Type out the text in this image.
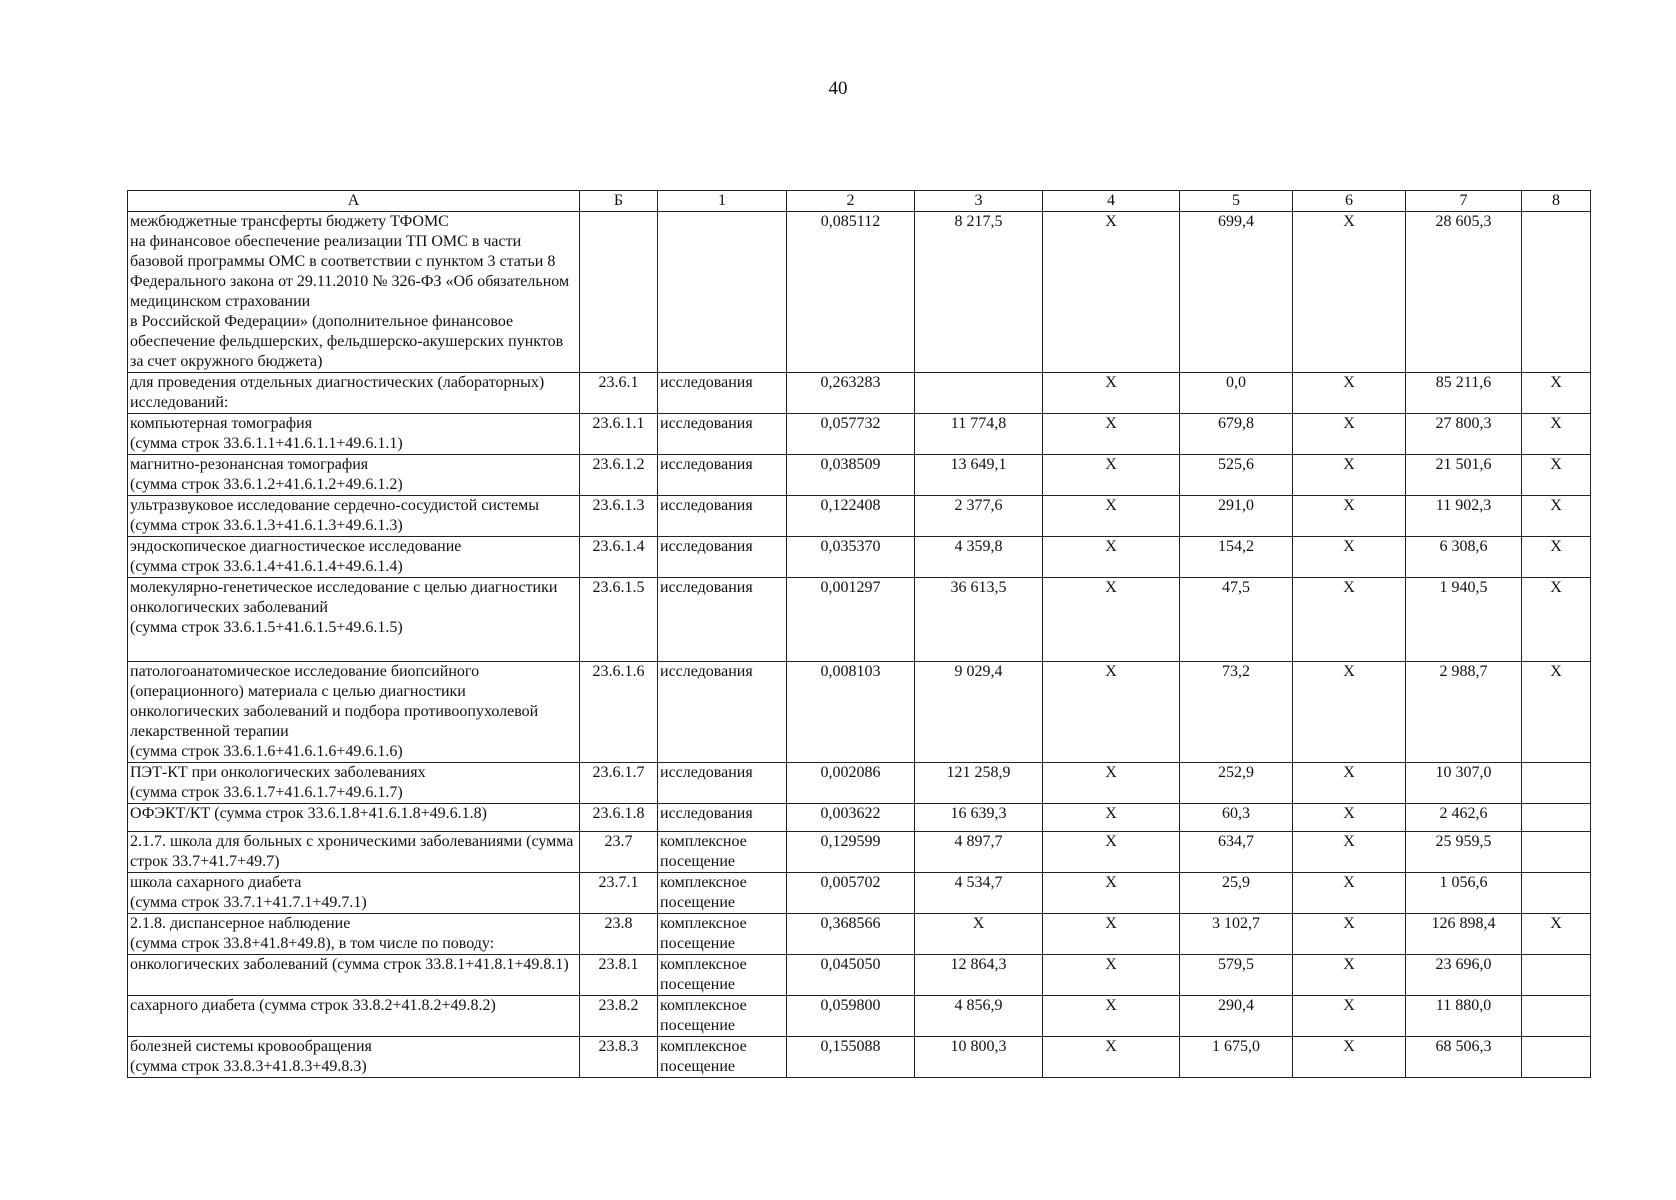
40
А	Б	1	2	3	4	5	6	7	8
межбюджетные трансферты бюджету ТФОМС
на финансовое обеспечение реализации ТП ОМС в части базовой программы ОМС в соответствии с пунктом 3 статьи 8 Федерального закона от 29.11.2010 № 326-ФЗ «Об обязательном медицинском страховании
в Российской Федерации» (дополнительное финансовое обеспечение фельдшерских, фельдшерско-акушерских пунктов за счет окружного бюджета)			0,085112	8 217,5	Х	699,4	Х	28 605,3	
для проведения отдельных диагностических (лабораторных) исследований:	23.6.1	исследования	0,263283		Х	0,0	Х	85 211,6	Х
компьютерная томография
(сумма строк 33.6.1.1+41.6.1.1+49.6.1.1)	23.6.1.1	исследования	0,057732	11 774,8	Х	679,8	Х	27 800,3	Х
магнитно-резонансная томография
(сумма строк 33.6.1.2+41.6.1.2+49.6.1.2)	23.6.1.2	исследования	0,038509	13 649,1	Х	525,6	Х	21 501,6	Х
ультразвуковое исследование сердечно-сосудистой системы (сумма строк 33.6.1.3+41.6.1.3+49.6.1.3)	23.6.1.3	исследования	0,122408	2 377,6	Х	291,0	Х	11 902,3	Х
эндоскопическое диагностическое исследование
(сумма строк 33.6.1.4+41.6.1.4+49.6.1.4)	23.6.1.4	исследования	0,035370	4 359,8	Х	154,2	Х	6 308,6	Х
молекулярно-генетическое исследование с целью диагностики онкологических заболеваний
(сумма строк 33.6.1.5+41.6.1.5+49.6.1.5)	23.6.1.5	исследования	0,001297	36 613,5	Х	47,5	Х	1 940,5	Х
патологоанатомическое исследование биопсийного (операционного) материала с целью диагностики онкологических заболеваний и подбора противоопухолевой лекарственной терапии
(сумма строк 33.6.1.6+41.6.1.6+49.6.1.6)	23.6.1.6	исследования	0,008103	9 029,4	Х	73,2	Х	2 988,7	Х
ПЭТ-КТ при онкологических заболеваниях
(сумма строк 33.6.1.7+41.6.1.7+49.6.1.7)	23.6.1.7	исследования	0,002086	121 258,9	Х	252,9	Х	10 307,0	
ОФЭКТ/КТ (сумма строк 33.6.1.8+41.6.1.8+49.6.1.8)	23.6.1.8	исследования	0,003622	16 639,3	Х	60,3	Х	2 462,6	
2.1.7. школа для больных с хроническими заболеваниями (сумма строк 33.7+41.7+49.7)	23.7	комплексное посещение	0,129599	4 897,7	Х	634,7	Х	25 959,5	
школа сахарного диабета
(сумма строк 33.7.1+41.7.1+49.7.1)	23.7.1	комплексное посещение	0,005702	4 534,7	Х	25,9	Х	1 056,6	
2.1.8. диспансерное наблюдение
(сумма строк 33.8+41.8+49.8), в том числе по поводу:	23.8	комплексное посещение	0,368566	Х	Х	3 102,7	Х	126 898,4	Х
онкологических заболеваний (сумма строк 33.8.1+41.8.1+49.8.1)	23.8.1	комплексное посещение	0,045050	12 864,3	Х	579,5	Х	23 696,0	
сахарного диабета (сумма строк 33.8.2+41.8.2+49.8.2)	23.8.2	комплексное посещение	0,059800	4 856,9	Х	290,4	Х	11 880,0	
болезней системы кровообращения
(сумма строк 33.8.3+41.8.3+49.8.3)	23.8.3	комплексное посещение	0,155088	10 800,3	Х	1 675,0	Х	68 506,3	
